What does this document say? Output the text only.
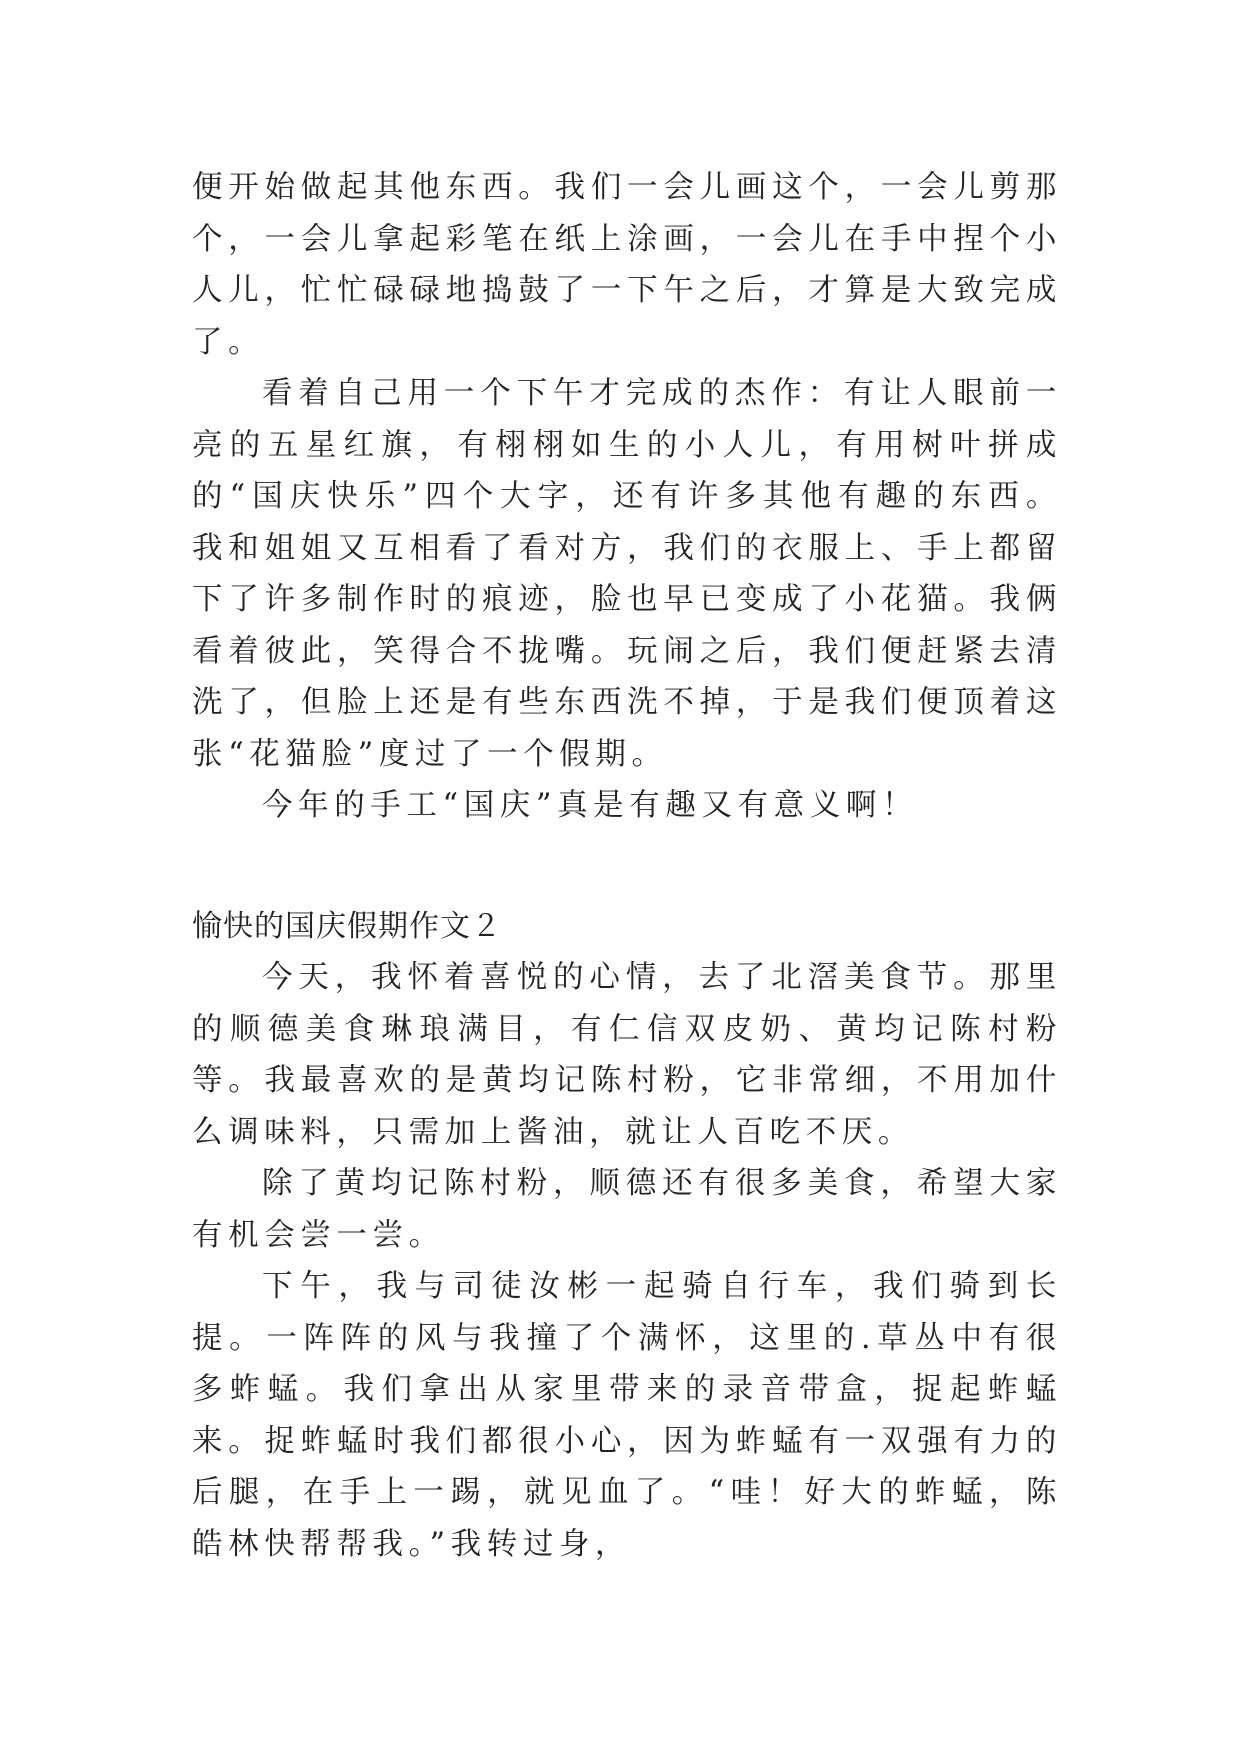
便开始做起其他东西。我们一会儿画这个，一会儿剪那个，一会儿拿起彩笔在纸上涂画，一会儿在手中捏个小人儿，忙忙碌碌地捣鼓了一下午之后，才算是大致完成了。

看着自己用一个下午才完成的杰作：有让人眼前一亮的五星红旗，有栩栩如生的小人儿，有用树叶拼成的“国庆快乐”四个大字，还有许多其他有趣的东西。我和姐姐又互相看了看对方，我们的衣服上、手上都留下了许多制作时的痕迹，脸也早已变成了小花猫。我俩看着彼此，笑得合不拢嘴。玩闹之后，我们便赶紧去清洗了，但脸上还是有些东西洗不掉，于是我们便顶着这张“花猫脸”度过了一个假期。

今年的手工“国庆”真是有趣又有意义啊！

愉快的国庆假期作文２

今天，我怀着喜悦的心情，去了北滘美食节。那里的顺德美食琳琅满目，有仁信双皮奶、黄均记陈村粉等。我最喜欢的是黄均记陈村粉，它非常细，不用加什么调味料，只需加上酱油，就让人百吃不厌。

除了黄均记陈村粉，顺德还有很多美食，希望大家有机会尝一尝。

下午，我与司徒汝彬一起骑自行车，我们骑到长提。一阵阵的风与我撞了个满怀，这里的.草丛中有很多蚱蜢。我们拿出从家里带来的录音带盒，捉起蚱蜢来。捉蚱蜢时我们都很小心，因为蚱蜢有一双强有力的后腿，在手上一踢，就见血了。“哇！好大的蚱蜢，陈皓林快帮帮我。”我转过身，
